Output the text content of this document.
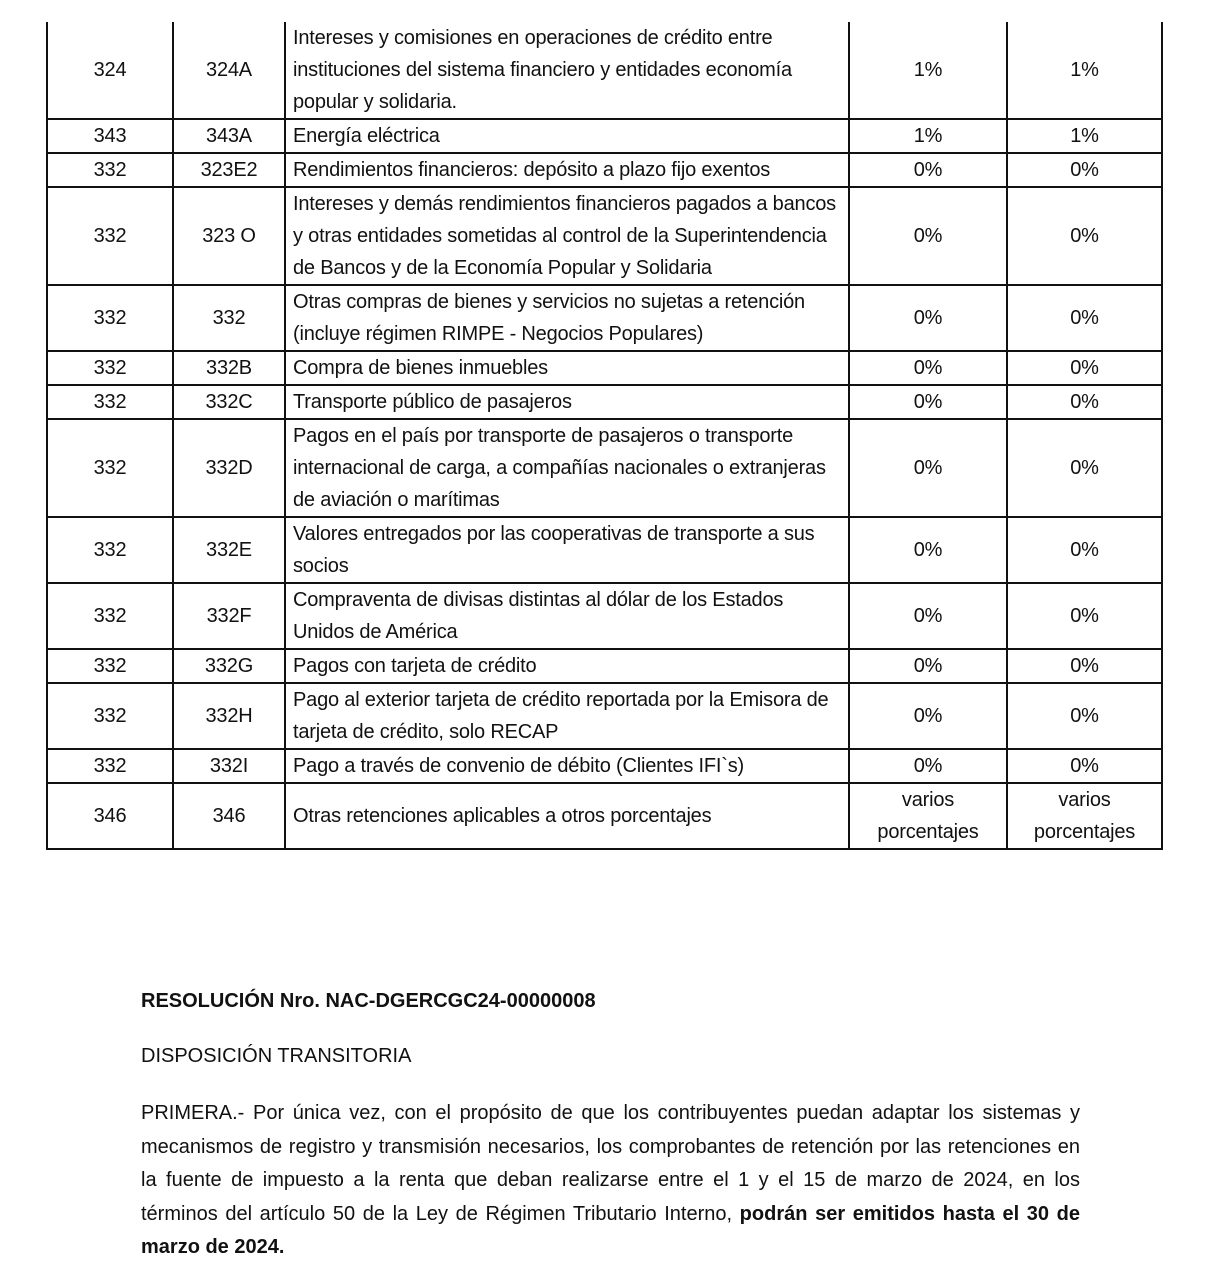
324	324A	Intereses y comisiones en operaciones de crédito entre instituciones del sistema financiero y entidades economía popular y solidaria.	1%	1%
343	343A	Energía eléctrica	1%	1%
332	323E2	Rendimientos financieros: depósito a plazo fijo exentos	0%	0%
332	323 O	Intereses y demás rendimientos financieros pagados a bancos y otras entidades sometidas al control de la Superintendencia de Bancos y de la Economía Popular y Solidaria	0%	0%
332	332	Otras compras de bienes y servicios no sujetas a retención (incluye régimen RIMPE - Negocios Populares)	0%	0%
332	332B	Compra de bienes inmuebles	0%	0%
332	332C	Transporte público de pasajeros	0%	0%
332	332D	Pagos en el país por transporte de pasajeros o transporte internacional de carga, a compañías nacionales o extranjeras de aviación o marítimas	0%	0%
332	332E	Valores entregados por las cooperativas de transporte a sus socios	0%	0%
332	332F	Compraventa de divisas distintas al dólar de los Estados Unidos de América	0%	0%
332	332G	Pagos con tarjeta de crédito	0%	0%
332	332H	Pago al exterior tarjeta de crédito reportada por la Emisora de tarjeta de crédito, solo RECAP	0%	0%
332	332I	Pago a través de convenio de débito (Clientes IFI`s)	0%	0%
346	346	Otras retenciones aplicables a otros porcentajes	varios porcentajes	varios porcentajes
RESOLUCIÓN Nro. NAC-DGERCGC24-00000008
DISPOSICIÓN TRANSITORIA
PRIMERA.- Por única vez, con el propósito de que los contribuyentes puedan adaptar los sistemas y mecanismos de registro y transmisión necesarios, los comprobantes de retención por las retenciones en la fuente de impuesto a la renta que deban realizarse entre el 1 y el 15 de marzo de 2024, en los términos del artículo 50 de la Ley de Régimen Tributario Interno, podrán ser emitidos hasta el 30 de marzo de 2024.
